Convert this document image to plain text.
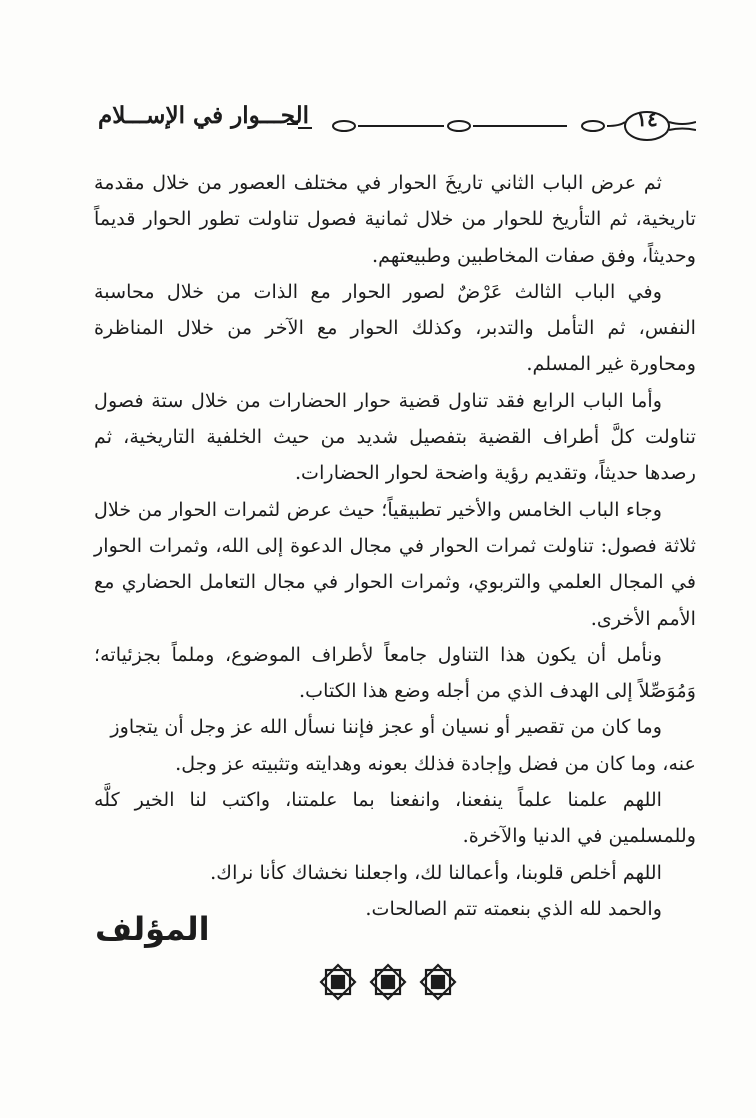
الحـــوار في الإســـلام	١٤

ثم عرض الباب الثاني تاريخَ الحوار في مختلف العصور من خلال مقدمة تاريخية، ثم التأريخ للحوار من خلال ثمانية فصول تناولت تطور الحوار قديماً وحديثاً، وفق صفات المخاطبين وطبيعتهم.

وفي الباب الثالث عَرْضٌ لصور الحوار مع الذات من خلال محاسبة النفس، ثم التأمل والتدبر، وكذلك الحوار مع الآخر من خلال المناظرة ومحاورة غير المسلم.

وأما الباب الرابع فقد تناول قضية حوار الحضارات من خلال ستة فصول تناولت كلَّ أطراف القضية بتفصيل شديد من حيث الخلفية التاريخية، ثم رصدها حديثاً، وتقديم رؤية واضحة لحوار الحضارات.

وجاء الباب الخامس والأخير تطبيقياً؛ حيث عرض لثمرات الحوار من خلال ثلاثة فصول: تناولت ثمرات الحوار في مجال الدعوة إلى الله، وثمرات الحوار في المجال العلمي والتربوي، وثمرات الحوار في مجال التعامل الحضاري مع الأمم الأخرى.

ونأمل أن يكون هذا التناول جامعاً لأطراف الموضوع، وملماً بجزئياته؛ وَمُوَصِّلاً إلى الهدف الذي من أجله وضع هذا الكتاب.

وما كان من تقصير أو نسيان أو عجز فإننا نسأل الله عز وجل أن يتجاوز عنه، وما كان من فضل وإجادة فذلك بعونه وهدايته وتثبيته عز وجل.

اللهم علمنا علماً ينفعنا، وانفعنا بما علمتنا، واكتب لنا الخير كلَّه وللمسلمين في الدنيا والآخرة.

اللهم أخلص قلوبنا، وأعمالنا لك، واجعلنا نخشاك كأنا نراك.

والحمد لله الذي بنعمته تتم الصالحات.

المؤلف
